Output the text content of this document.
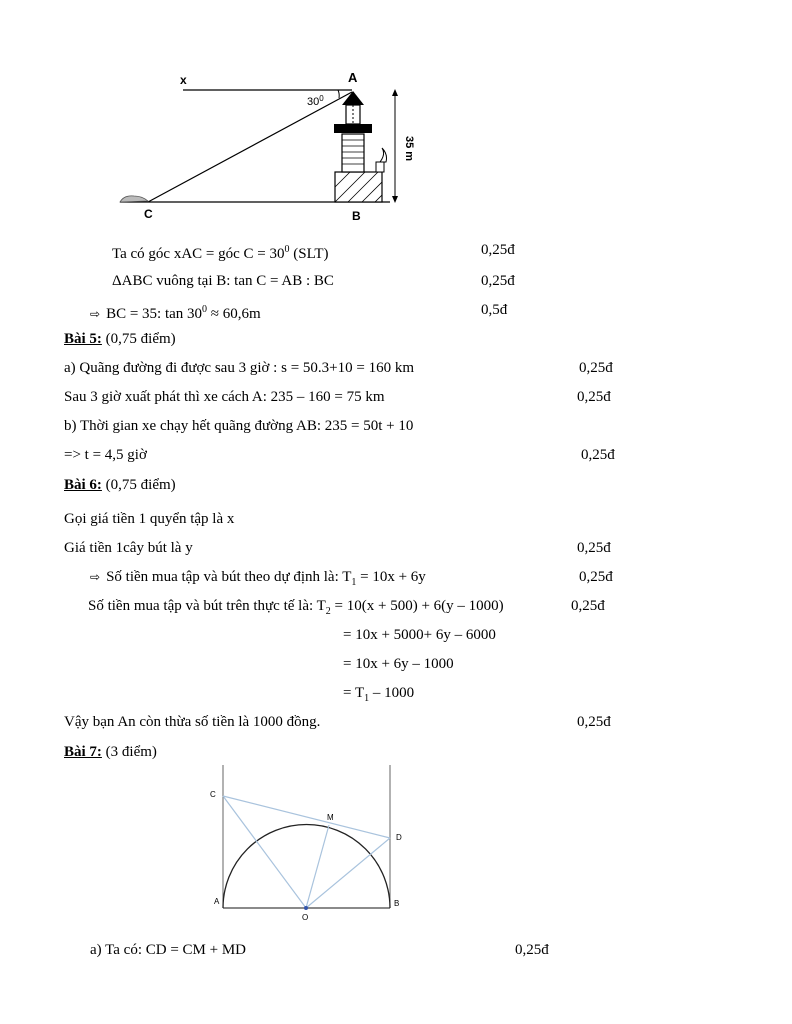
x	A
$30^0$
C	B
35 m
Ta có góc xAC = góc $C = 30^0$ (SLT)	0,25đ
ΔABC vuông tại B: tan C = AB : BC	0,25đ
⇨ BC = 35: $\tan 30^0 \approx 60,6m$	0,5đ
Bài 5: (0,75 điểm)
a) Quãng đường đi được sau 3 giờ : s = 50.3+10 = 160 km	0,25đ
Sau 3 giờ xuất phát thì xe cách A: 235 – 160 = 75 km	0,25đ
b) Thời gian xe chạy hết quãng đường AB: 235 = 50t + 10
=> t = 4,5 giờ	0,25đ
Bài 6: (0,75 điểm)
Gọi giá tiền 1 quyển tập là x
Giá tiền 1cây bút là y	0,25đ
⇨ Số tiền mua tập và bút theo dự định là: $T_1 = 10x + 6y$	0,25đ
Số tiền mua tập và bút trên thực tế là: $T_2 = 10(x + 500) + 6(y - 1000)$	0,25đ
= 10x + 5000+ 6y – 6000
= 10x + 6y – 1000
= $T_1 - 1000$
Vậy bạn An còn thừa số tiền là 1000 đồng.	0,25đ
Bài 7: (3 điểm)
C
M
D
A
O
B
a) Ta có: CD = CM + MD	0,25đ
